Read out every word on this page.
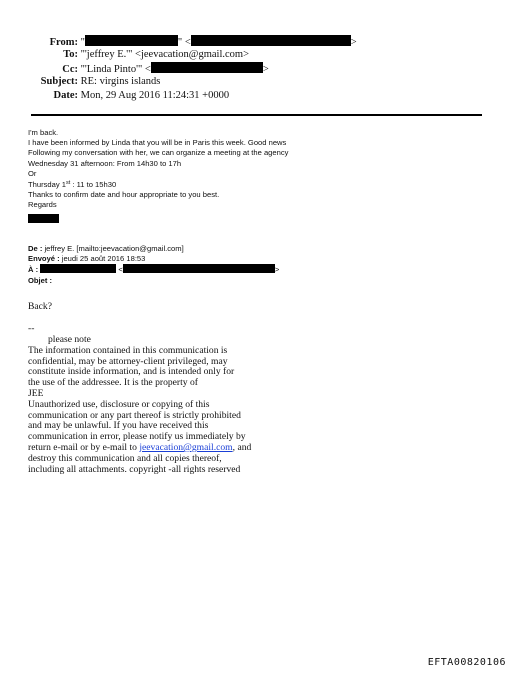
From: "	" <	>
To: "'jeffrey E.'" <jeevacation@gmail.com>
Cc: "'Linda Pinto'" <	>
Subject: RE: virgins islands
Date: Mon, 29 Aug 2016 11:24:31 +0000
I'm back.
I have been informed by Linda that you will be in Paris this week. Good news
Following my conversation with her, we can organize a meeting at the agency
Wednesday 31 afternoon: From 14h30 to 17h
Or
Thursday 1st : 11 to 15h30
Thanks to confirm date and hour appropriate to you best.
Regards
De : jeffrey E. [mailto:jeevacation@gmail.com]
Envoyé : jeudi 25 août 2016 18:53
À :	<	>
Objet :
Back?
--
please note
The information contained in this communication is
confidential, may be attorney-client privileged, may
constitute inside information, and is intended only for
the use of the addressee. It is the property of
JEE
Unauthorized use, disclosure or copying of this
communication or any part thereof is strictly prohibited
and may be unlawful. If you have received this
communication in error, please notify us immediately by
return e-mail or by e-mail to jeevacation@gmail.com, and
destroy this communication and all copies thereof,
including all attachments. copyright -all rights reserved
EFTA00820106
